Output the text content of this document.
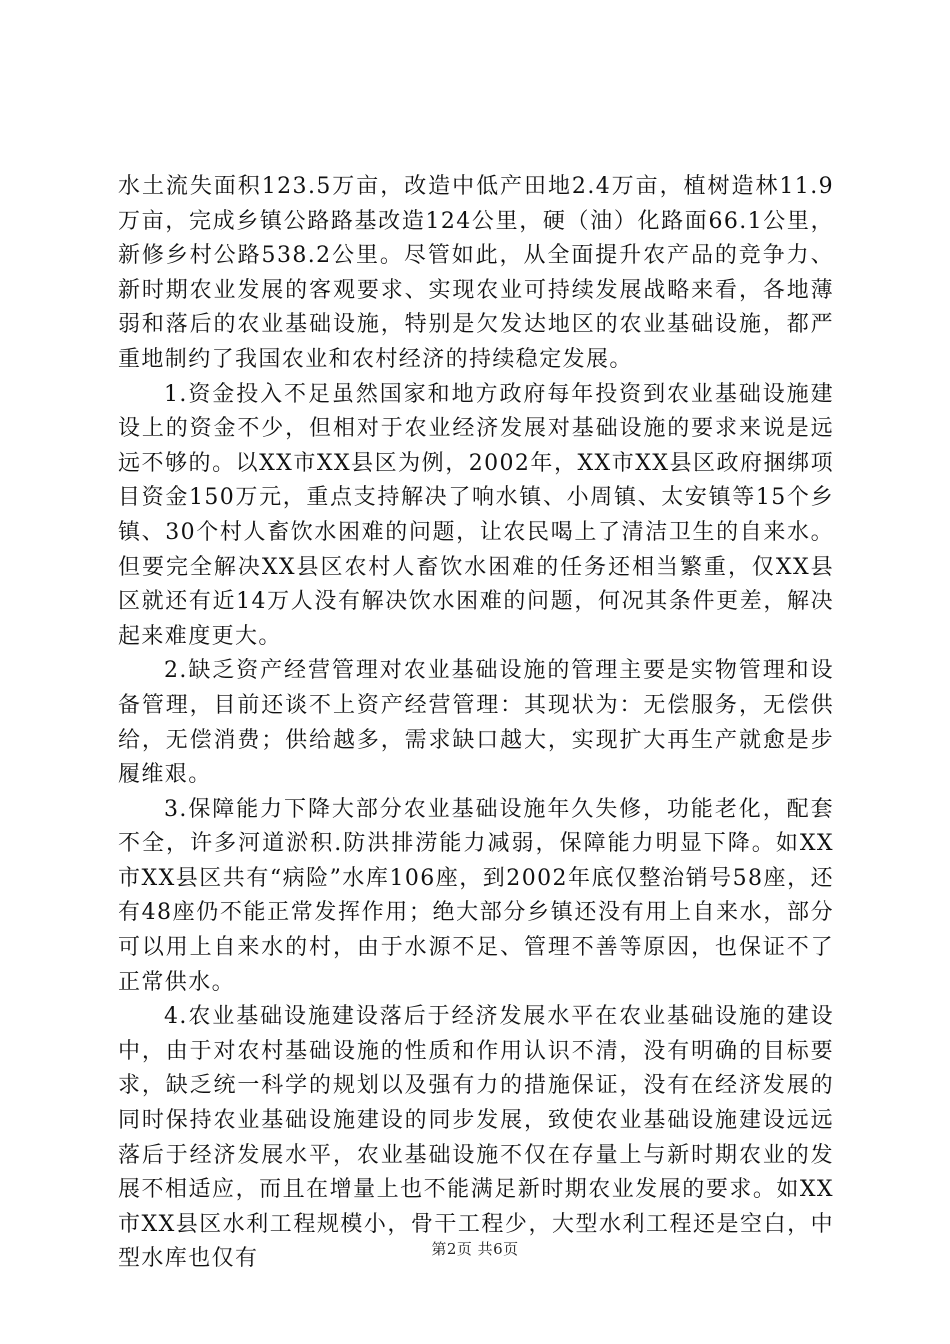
水土流失面积123.5万亩，改造中低产田地2.4万亩，植树造林11.9万亩，完成乡镇公路路基改造124公里，硬（油）化路面66.1公里，新修乡村公路538.2公里。尽管如此，从全面提升农产品的竞争力、新时期农业发展的客观要求、实现农业可持续发展战略来看，各地薄弱和落后的农业基础设施，特别是欠发达地区的农业基础设施，都严重地制约了我国农业和农村经济的持续稳定发展。

1.资金投入不足虽然国家和地方政府每年投资到农业基础设施建设上的资金不少，但相对于农业经济发展对基础设施的要求来说是远远不够的。以XX市XX县区为例，2002年，XX市XX县区政府捆绑项目资金150万元，重点支持解决了响水镇、小周镇、太安镇等15个乡镇、30个村人畜饮水困难的问题，让农民喝上了清洁卫生的自来水。但要完全解决XX县区农村人畜饮水困难的任务还相当繁重，仅XX县区就还有近14万人没有解决饮水困难的问题，何况其条件更差，解决起来难度更大。

2.缺乏资产经营管理对农业基础设施的管理主要是实物管理和设备管理，目前还谈不上资产经营管理：其现状为：无偿服务，无偿供给，无偿消费；供给越多，需求缺口越大，实现扩大再生产就愈是步履维艰。

3.保障能力下降大部分农业基础设施年久失修，功能老化，配套不全，许多河道淤积.防洪排涝能力减弱，保障能力明显下降。如XX市XX县区共有“病险”水库106座，到2002年底仅整治销号58座，还有48座仍不能正常发挥作用；绝大部分乡镇还没有用上自来水，部分可以用上自来水的村，由于水源不足、管理不善等原因，也保证不了正常供水。

4.农业基础设施建设落后于经济发展水平在农业基础设施的建设中，由于对农村基础设施的性质和作用认识不清，没有明确的目标要求，缺乏统一科学的规划以及强有力的措施保证，没有在经济发展的同时保持农业基础设施建设的同步发展，致使农业基础设施建设远远落后于经济发展水平，农业基础设施不仅在存量上与新时期农业的发展不相适应，而且在增量上也不能满足新时期农业发展的要求。如XX市XX县区水利工程规模小，骨干工程少，大型水利工程还是空白，中型水库也仅有	第2页 共6页
